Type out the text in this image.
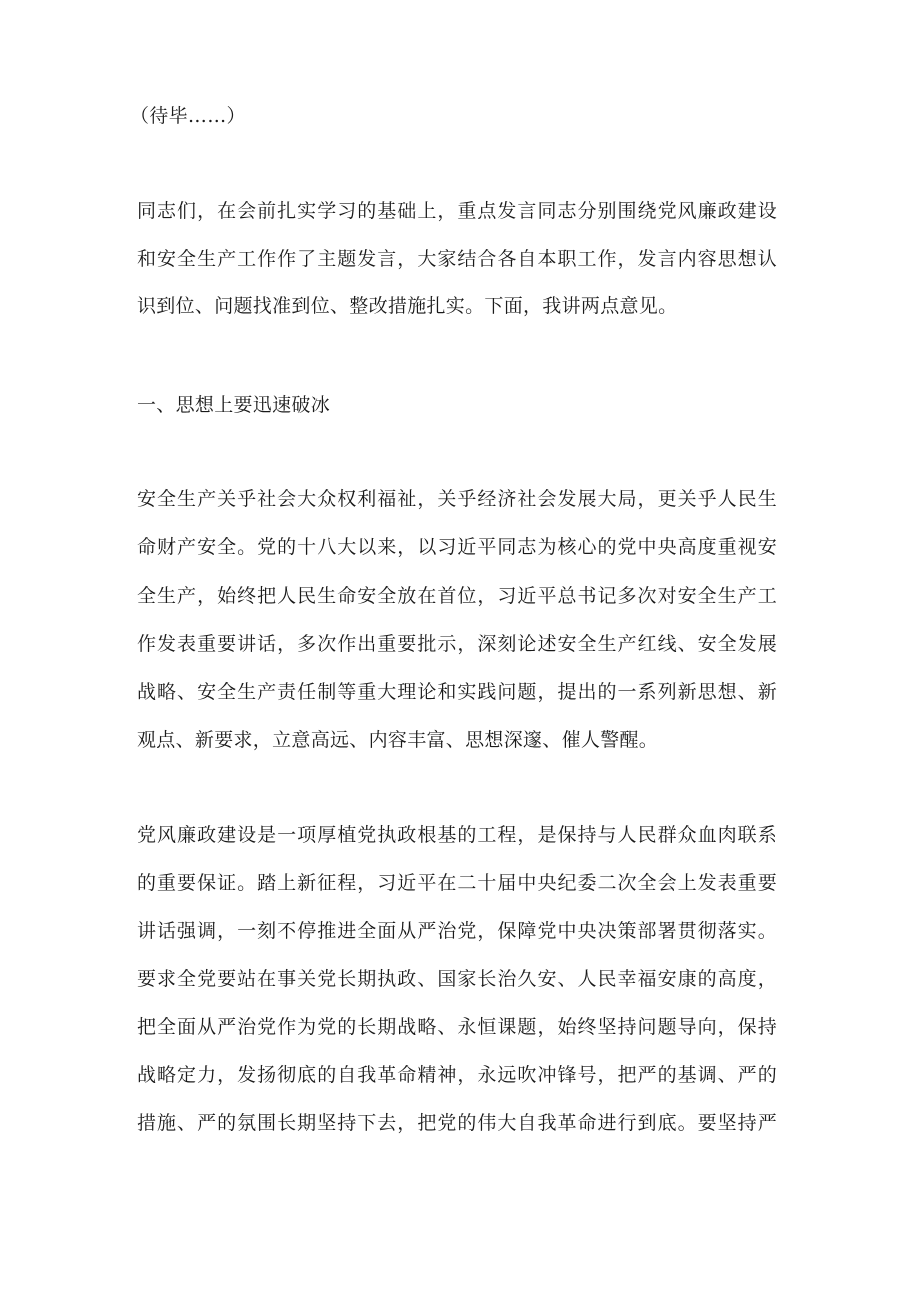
（待毕……）
同志们，在会前扎实学习的基础上，重点发言同志分别围绕党风廉政建设
和安全生产工作作了主题发言，大家结合各自本职工作，发言内容思想认
识到位、问题找准到位、整改措施扎实。下面，我讲两点意见。
一、思想上要迅速破冰
安全生产关乎社会大众权利福祉，关乎经济社会发展大局，更关乎人民生
命财产安全。党的十八大以来，以习近平同志为核心的党中央高度重视安
全生产，始终把人民生命安全放在首位，习近平总书记多次对安全生产工
作发表重要讲话，多次作出重要批示，深刻论述安全生产红线、安全发展
战略、安全生产责任制等重大理论和实践问题，提出的一系列新思想、新
观点、新要求，立意高远、内容丰富、思想深邃、催人警醒。
党风廉政建设是一项厚植党执政根基的工程，是保持与人民群众血肉联系
的重要保证。踏上新征程，习近平在二十届中央纪委二次全会上发表重要
讲话强调，一刻不停推进全面从严治党，保障党中央决策部署贯彻落实。
要求全党要站在事关党长期执政、国家长治久安、人民幸福安康的高度，
把全面从严治党作为党的长期战略、永恒课题，始终坚持问题导向，保持
战略定力，发扬彻底的自我革命精神，永远吹冲锋号，把严的基调、严的
措施、严的氛围长期坚持下去，把党的伟大自我革命进行到底。要坚持严
